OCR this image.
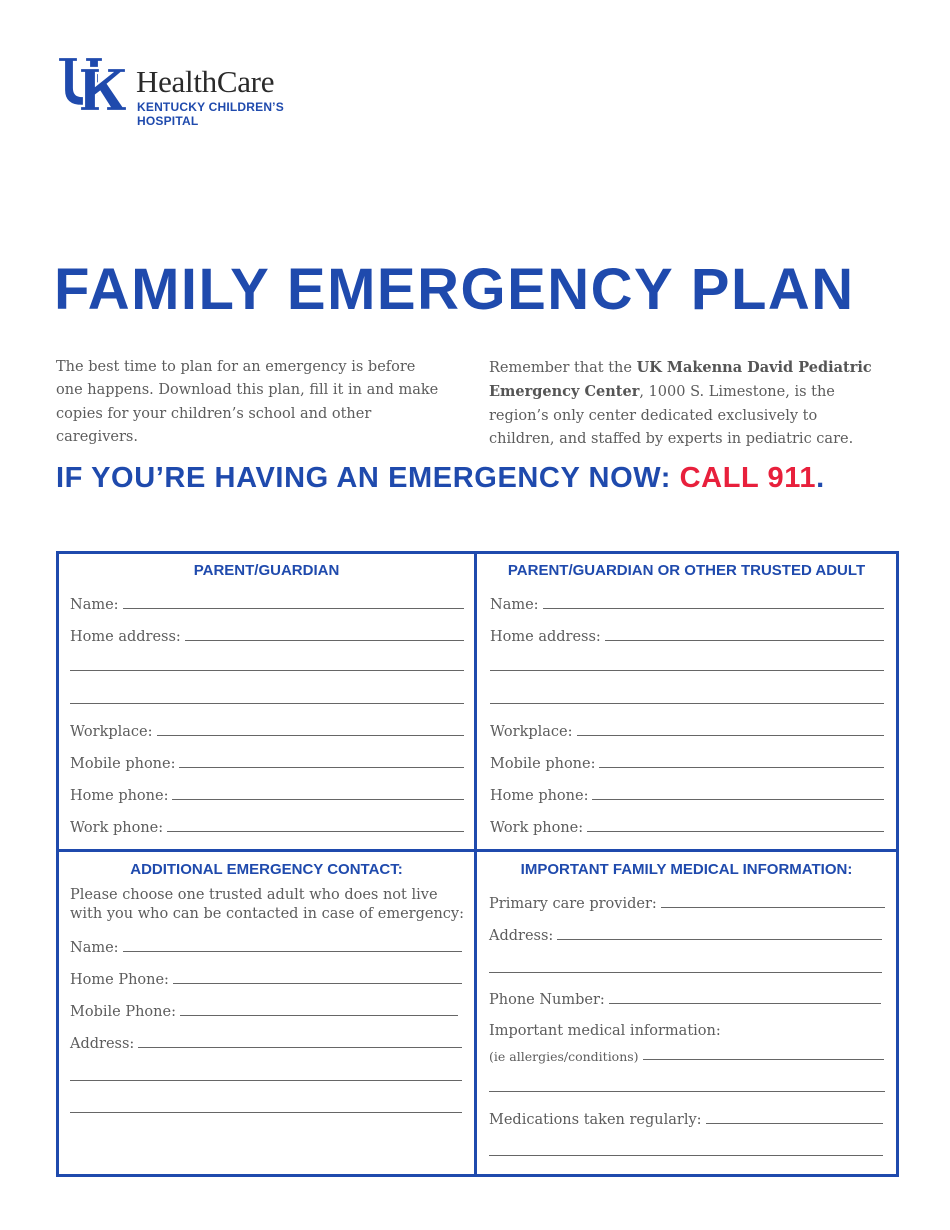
HealthCare
KENTUCKY CHILDREN’S
HOSPITAL
FAMILY EMERGENCY PLAN

The best time to plan for an emergency is before one happens. Download this plan, fill it in and make copies for your children’s school and other caregivers.

Remember that the UK Makenna David Pediatric Emergency Center, 1000 S. Limestone, is the region’s only center dedicated exclusively to children, and staffed by experts in pediatric care.

IF YOU’RE HAVING AN EMERGENCY NOW: CALL 911.
PARENT/GUARDIAN
Name:
Home address:
Workplace:
Mobile phone:
Home phone:
Work phone:
PARENT/GUARDIAN OR OTHER TRUSTED ADULT
Name:
Home address:
Workplace:
Mobile phone:
Home phone:
Work phone:
ADDITIONAL EMERGENCY CONTACT:

Please choose one trusted adult who does not live with you who can be contacted in case of emergency:

Name:
Home Phone:
Mobile Phone:
Address:
IMPORTANT FAMILY MEDICAL INFORMATION:
Primary care provider:
Address:
Phone Number:
Important medical information:
(ie allergies/conditions)
Medications taken regularly:
